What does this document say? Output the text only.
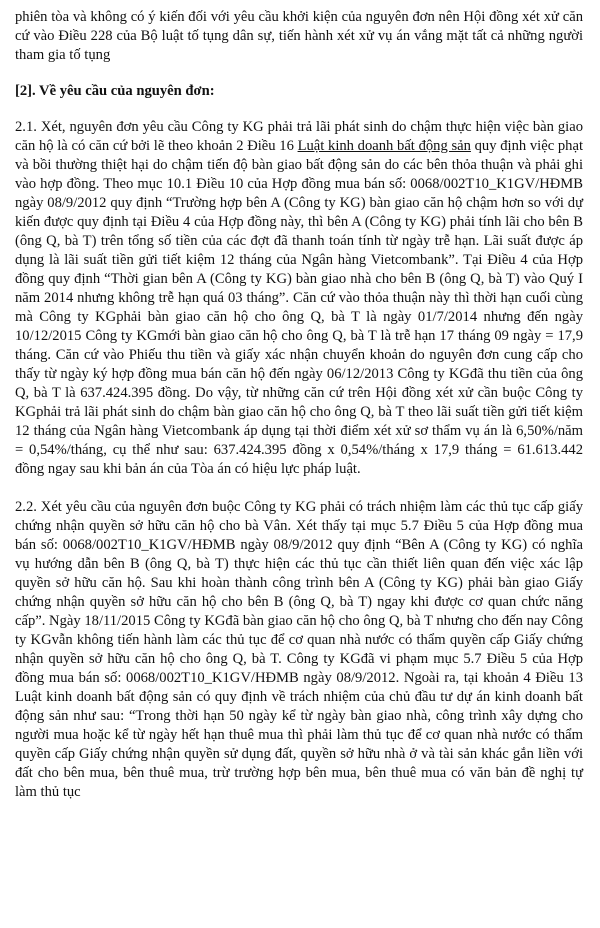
phiên tòa và không có ý kiến đối với yêu cầu khởi kiện của nguyên đơn nên Hội đồng xét xử căn cứ vào Điều 228 của Bộ luật tố tụng dân sự, tiến hành xét xử vụ án vắng mặt tất cả những người tham gia tố tụng

[2]. Về yêu cầu của nguyên đơn:

2.1. Xét, nguyên đơn yêu cầu Công ty KG phải trả lãi phát sinh do chậm thực hiện việc bàn giao căn hộ là có căn cứ bởi lẽ theo khoản 2 Điều 16 Luật kinh doanh bất động sản quy định việc phạt và bồi thường thiệt hại do chậm tiến độ bàn giao bất động sản do các bên thỏa thuận và phải ghi vào hợp đồng. Theo mục 10.1 Điều 10 của Hợp đồng mua bán số: 0068/002T10_K1GV/HĐMB ngày 08/9/2012 quy định “Trường hợp bên A (Công ty KG) bàn giao căn hộ chậm hơn so với dự kiến được quy định tại Điều 4 của Hợp đồng này, thì bên A (Công ty KG) phải tính lãi cho bên B (ông Q, bà T) trên tổng số tiền của các đợt đã thanh toán tính từ ngày trễ hạn. Lãi suất được áp dụng là lãi suất tiền gửi tiết kiệm 12 tháng của Ngân hàng Vietcombank”. Tại Điều 4 của Hợp đồng quy định “Thời gian bên A (Công ty KG) bàn giao nhà cho bên B (ông Q, bà T) vào Quý I năm 2014 nhưng không trễ hạn quá 03 tháng”. Căn cứ vào thỏa thuận này thì thời hạn cuối cùng mà Công ty KGphải bàn giao căn hộ cho ông Q, bà T là ngày 01/7/2014 nhưng đến ngày 10/12/2015 Công ty KGmới bàn giao căn hộ cho ông Q, bà T là trễ hạn 17 tháng 09 ngày = 17,9 tháng. Căn cứ vào Phiếu thu tiền và giấy xác nhận chuyển khoản do nguyên đơn cung cấp cho thấy từ ngày ký hợp đồng mua bán căn hộ đến ngày 06/12/2013 Công ty KGđã thu tiền của ông Q, bà T là 637.424.395 đồng. Do vậy, từ những căn cứ trên Hội đồng xét xử cần buộc Công ty KGphải trả lãi phát sinh do chậm bàn giao căn hộ cho ông Q, bà T theo lãi suất tiền gửi tiết kiệm 12 tháng của Ngân hàng Vietcombank áp dụng tại thời điểm xét xử sơ thẩm vụ án là 6,50%/năm = 0,54%/tháng, cụ thể như sau: 637.424.395 đồng x 0,54%/tháng x 17,9 tháng = 61.613.442 đồng ngay sau khi bản án của Tòa án có hiệu lực pháp luật.

2.2. Xét yêu cầu của nguyên đơn buộc Công ty KG phải có trách nhiệm làm các thủ tục cấp giấy chứng nhận quyền sở hữu căn hộ cho bà Vân. Xét thấy tại mục 5.7 Điều 5 của Hợp đồng mua bán số: 0068/002T10_K1GV/HĐMB ngày 08/9/2012 quy định “Bên A (Công ty KG) có nghĩa vụ hướng dẫn bên B (ông Q, bà T) thực hiện các thủ tục cần thiết liên quan đến việc xác lập quyền sở hữu căn hộ. Sau khi hoàn thành công trình bên A (Công ty KG) phải bàn giao Giấy chứng nhận quyền sở hữu căn hộ cho bên B (ông Q, bà T) ngay khi được cơ quan chức năng cấp”. Ngày 18/11/2015 Công ty KGđã bàn giao căn hộ cho ông Q, bà T nhưng cho đến nay Công ty KGvẫn không tiến hành làm các thủ tục để cơ quan nhà nước có thẩm quyền cấp Giấy chứng nhận quyền sở hữu căn hộ cho ông Q, bà T. Công ty KGđã vi phạm mục 5.7 Điều 5 của Hợp đồng mua bán số: 0068/002T10_K1GV/HĐMB ngày 08/9/2012. Ngoài ra, tại khoản 4 Điều 13 Luật kinh doanh bất động sản có quy định về trách nhiệm của chủ đầu tư dự án kinh doanh bất động sản như sau: “Trong thời hạn 50 ngày kể từ ngày bàn giao nhà, công trình xây dựng cho người mua hoặc kể từ ngày hết hạn thuê mua thì phải làm thủ tục để cơ quan nhà nước có thẩm quyền cấp Giấy chứng nhận quyền sử dụng đất, quyền sở hữu nhà ở và tài sản khác gắn liền với đất cho bên mua, bên thuê mua, trừ trường hợp bên mua, bên thuê mua có văn bản đề nghị tự làm thủ tục
